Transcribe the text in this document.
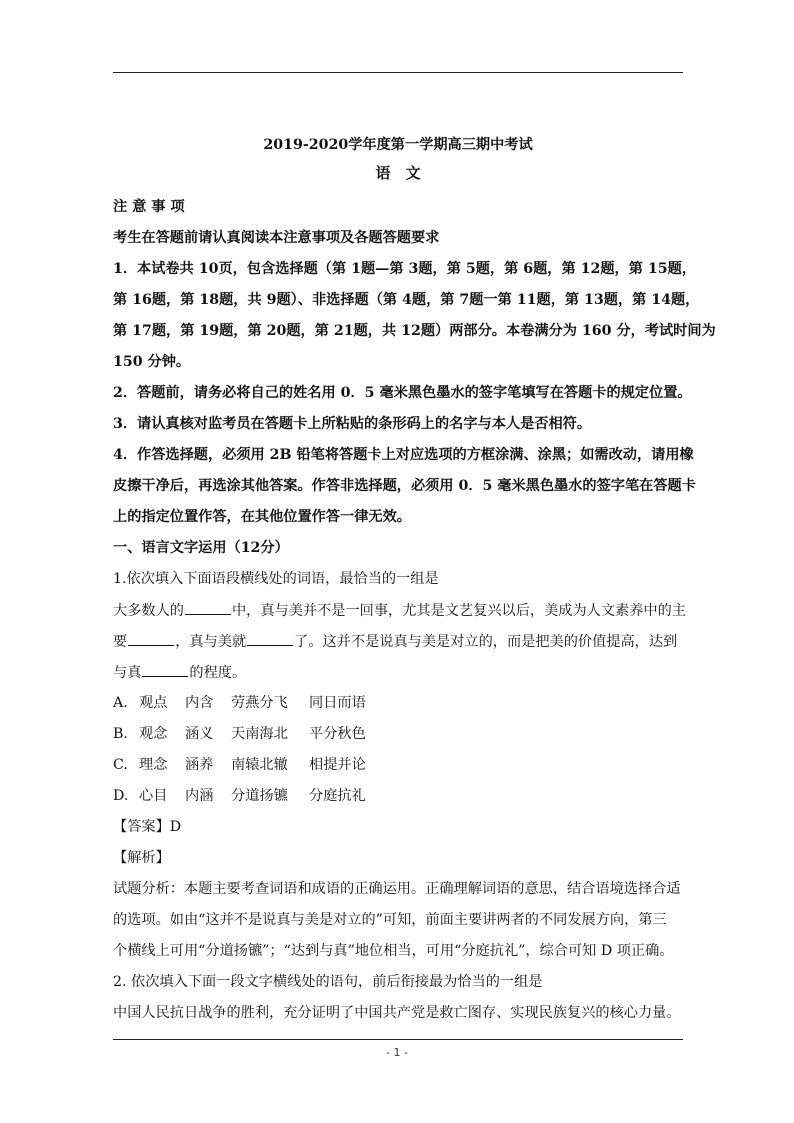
2019-2020学年度第一学期高三期中考试
语　文
注 意 事 项
考生在答题前请认真阅读本注意事项及各题答题要求
1．本试卷共 10页，包含选择题（第 1题—第 3题，第 5题，第 6题，第 12题，第 15题，
第 16题，第 18题，共 9题）、非选择题（第 4题，第 7题一第 11题，第 13题，第 14题，
第 17题，第 19题，第 20题，第 21题，共 12题）两部分。本卷满分为 160 分，考试时间为
150 分钟。
2．答题前，请务必将自己的姓名用 0．5 毫米黑色墨水的签字笔填写在答题卡的规定位置。
3．请认真核对监考员在答题卡上所粘贴的条形码上的名字与本人是否相符。
4．作答选择题，必须用 2B 铅笔将答题卡上对应选项的方框涂满、涂黑；如需改动，请用橡
皮擦干净后，再选涂其他答案。作答非选择题，必须用 0．5 毫米黑色墨水的签字笔在答题卡
上的指定位置作答，在其他位置作答一律无效。
一、语言文字运用（12分）
1.依次填入下面语段横线处的词语，最恰当的一组是
大多数人的	中，真与美并不是一回事，尤其是文艺复兴以后，美成为人文素养中的主
要	，真与美就	了。这并不是说真与美是对立的，而是把美的价值提高，达到
与真	的程度。
A. 观点 内含 劳燕分飞 同日而语
B. 观念 涵义 天南海北 平分秋色
C. 理念 涵养 南辕北辙 相提并论
D. 心目 内涵 分道扬镳 分庭抗礼
【答案】D
【解析】
试题分析：本题主要考查词语和成语的正确运用。正确理解词语的意思，结合语境选择合适
的选项。如由“这并不是说真与美是对立的”可知，前面主要讲两者的不同发展方向，第三
个横线上可用“分道扬镳”；“达到与真”地位相当，可用“分庭抗礼”，综合可知 D 项正确。
2. 依次填入下面一段文字横线处的语句，前后衔接最为恰当的一组是
中国人民抗日战争的胜利，充分证明了中国共产党是救亡图存、实现民族复兴的核心力量。
- 1 -
